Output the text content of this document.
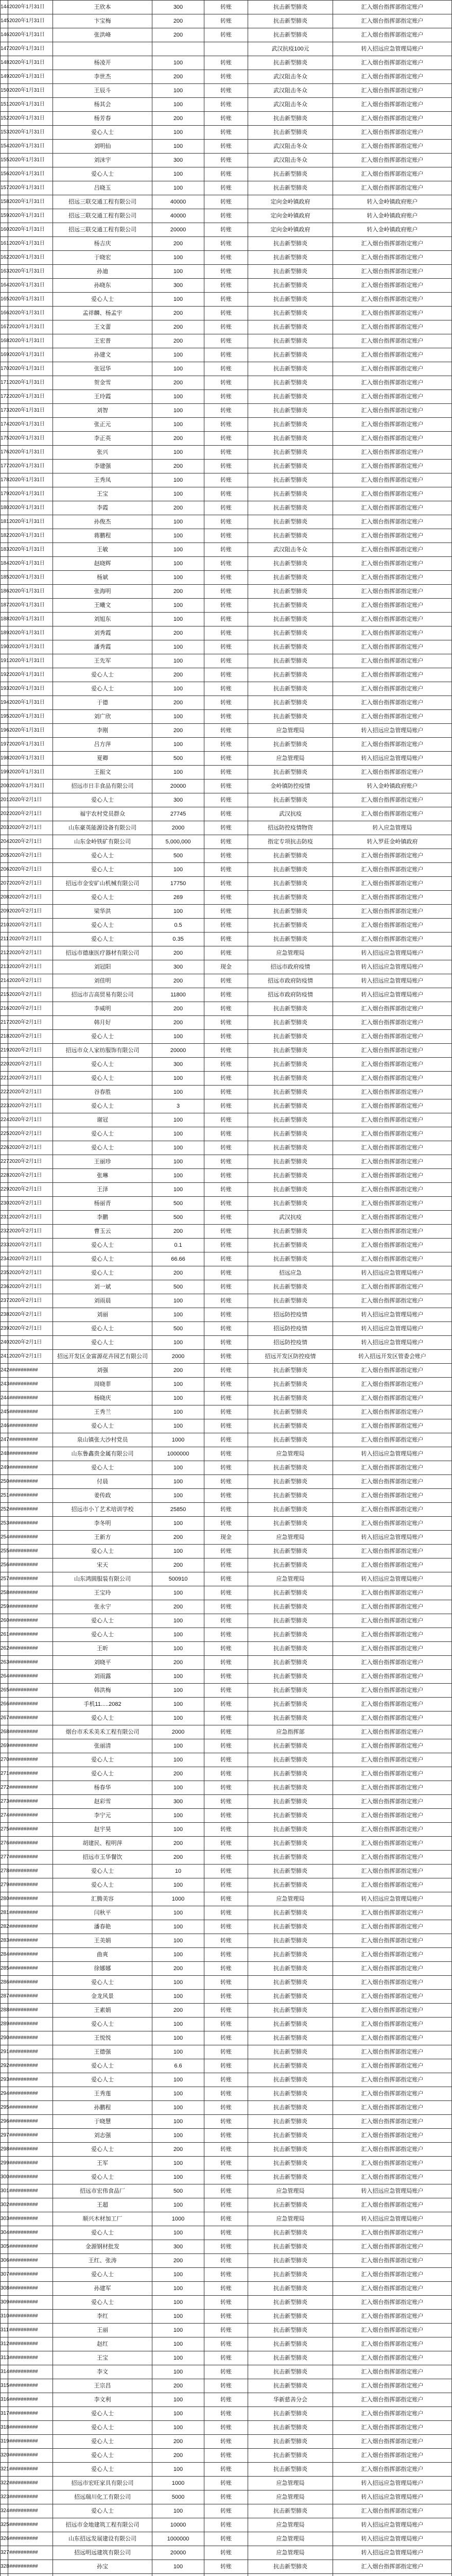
144	2020年1月31日	王欣本	300	转账	抗击新型肺炎	汇入烟台指挥部指定账户
145	2020年1月31日	卞宝梅	200	转账	抗击新型肺炎	汇入烟台指挥部指定账户
146	2020年1月31日	张洪峰	200	转账	抗击新型肺炎	汇入烟台指挥部指定账户
147	2020年1月31日				武汉抗疫100元	转入招远应急管理局账户
148	2020年1月31日	杨凌开	100	转账	抗击新型肺炎	汇入烟台指挥部指定账户
149	2020年1月31日	李世杰	200	转账	武汉阻击冬众	汇入烟台指挥部指定账户
150	2020年1月31日	王辰斗	100	转账	武汉阻击冬众	汇入烟台指挥部指定账户
151	2020年1月31日	杨其会	100	转账	武汉阻击冬众	汇入烟台指挥部指定账户
152	2020年1月31日	杨芳春	200	转账	抗击新型肺炎	汇入烟台指挥部指定账户
153	2020年1月31日	爱心人士	100	转账	抗击新型肺炎	汇入烟台指挥部指定账户
154	2020年1月31日	刘明仙	100	转账	武汉阻击冬众	汇入烟台指挥部指定账户
155	2020年1月31日	刘沫宇	300	转账	武汉阻击冬众	汇入烟台指挥部指定账户
156	2020年1月31日	爱心人士	100	转账	抗击新型肺炎	汇入烟台指挥部指定账户
157	2020年1月31日	吕晓玉	100	转账	抗击新型肺炎	汇入烟台指挥部指定账户
158	2020年1月31日	招远三联交通工程有限公司	40000	转账	定向金岭镇政府	转入金岭镇政府账户
159	2020年1月31日	招远三联交通工程有限公司	40000	转账	定向金岭镇政府	转入金岭镇政府账户
160	2020年1月31日	招远三联交通工程有限公司	20000	转账	定向金岭镇政府	转入金岭镇政府账户
161	2020年1月31日	杨吉庆	200	转账	抗击新型肺炎	汇入烟台指挥部指定账户
162	2020年1月31日	于晓宏	100	转账	抗击新型肺炎	汇入烟台指挥部指定账户
163	2020年1月31日	孙迪	100	转账	抗击新型肺炎	汇入烟台指挥部指定账户
164	2020年1月31日	孙晓东	300	转账	抗击新型肺炎	汇入烟台指挥部指定账户
165	2020年1月31日	爱心人士	100	转账	抗击新型肺炎	汇入烟台指挥部指定账户
166	2020年1月31日	孟祥麟、杨孟宇	200	转账	抗击新型肺炎	汇入烟台指挥部指定账户
167	2020年1月31日	王文蕾	200	转账	抗击新型肺炎	汇入烟台指挥部指定账户
168	2020年1月31日	王宏普	200	转账	抗击新型肺炎	汇入烟台指挥部指定账户
169	2020年1月31日	孙建文	100	转账	抗击新型肺炎	汇入烟台指挥部指定账户
170	2020年1月31日	张冠华	100	转账	抗击新型肺炎	汇入烟台指挥部指定账户
171	2020年1月31日	贺金雪	200	转账	抗击新型肺炎	汇入烟台指挥部指定账户
172	2020年1月31日	王玲霞	100	转账	抗击新型肺炎	汇入烟台指挥部指定账户
173	2020年1月31日	刘智	100	转账	抗击新型肺炎	汇入烟台指挥部指定账户
174	2020年1月31日	张正元	100	转账	抗击新型肺炎	汇入烟台指挥部指定账户
175	2020年1月31日	李正英	200	转账	抗击新型肺炎	汇入烟台指挥部指定账户
176	2020年1月31日	张兴	100	转账	抗击新型肺炎	汇入烟台指挥部指定账户
177	2020年1月31日	李建强	200	转账	抗击新型肺炎	汇入烟台指挥部指定账户
178	2020年1月31日	王秀凤	100	转账	抗击新型肺炎	汇入烟台指挥部指定账户
179	2020年1月31日	王宝	100	转账	抗击新型肺炎	汇入烟台指挥部指定账户
180	2020年1月31日	李霞	200	转账	抗击新型肺炎	汇入烟台指挥部指定账户
181	2020年1月31日	孙俊杰	100	转账	抗击新型肺炎	汇入烟台指挥部指定账户
182	2020年1月31日	蒋鹏程	100	转账	抗击新型肺炎	汇入烟台指挥部指定账户
183	2020年1月31日	王敏	100	转账	武汉阻击冬众	汇入烟台指挥部指定账户
184	2020年1月31日	赵晓辉	100	转账	抗击新型肺炎	汇入烟台指挥部指定账户
185	2020年1月31日	杨斌	100	转账	抗击新型肺炎	汇入烟台指挥部指定账户
186	2020年1月31日	张海明	200	转账	抗击新型肺炎	汇入烟台指挥部指定账户
187	2020年1月31日	王曦文	100	转账	抗击新型肺炎	汇入烟台指挥部指定账户
188	2020年1月31日	刘旭东	100	转账	抗击新型肺炎	汇入烟台指挥部指定账户
189	2020年1月31日	刘秀霞	200	转账	抗击新型肺炎	汇入烟台指挥部指定账户
190	2020年1月31日	潘秀霞	100	转账	抗击新型肺炎	汇入烟台指挥部指定账户
191	2020年1月31日	王先军	100	转账	抗击新型肺炎	汇入烟台指挥部指定账户
192	2020年1月31日	爱心人士	200	转账	抗击新型肺炎	汇入烟台指挥部指定账户
193	2020年1月31日	爱心人士	100	转账	抗击新型肺炎	汇入烟台指挥部指定账户
194	2020年1月31日	于德	200	转账	抗击新型肺炎	汇入烟台指挥部指定账户
195	2020年1月31日	刘广欣	100	转账	抗击新型肺炎	汇入烟台指挥部指定账户
196	2020年1月31日	李刚	200	转账	应急管理局	转入招远应急管理局账户
197	2020年1月31日	吕方萍	100	转账	抗击新型肺炎	汇入烟台指挥部指定账户
198	2020年1月31日	夏卿	500	转账	应急管理局	转入招远应急管理局账户
199	2020年1月31日	王振文	100	转账	抗击新型肺炎	汇入烟台指挥部指定账户
200	2020年1月31日	招远市日丰食品有限公司	20000	转账	金岭镇防控疫情	转入金岭镇政府账户
201	2020年2月1日	爱心人士	300	转账	抗击新型肺炎	汇入烟台指挥部指定账户
202	2020年2月1日	福宇农村党员群众	27745	转账	武汉抗疫	汇入烟台指挥部指定账户
203	2020年2月1日	山东豪英能源设备有限公司	2000	转账	招远防控疫情物资	转入应急管理局
204	2020年2月1日	山东金岭铁矿有限公司	5,000,000	转账	指定专项抗击防疫	转入罗莊金岭镇政府
205	2020年2月1日	爱心人士	500	转账	抗击新型肺炎	汇入烟台指挥部指定账户
206	2020年2月1日	爱心人士	100	转账	抗击新型肺炎	汇入烟台指挥部指定账户
207	2020年2月1日	招远市金安矿山机械有限公司	17750	转账	抗击新型肺炎	汇入烟台指挥部指定账户
208	2020年2月1日	爱心人士	269	转账	抗击新型肺炎	汇入烟台指挥部指定账户
209	2020年2月1日	梁华洪	100	转账	抗击新型肺炎	汇入烟台指挥部指定账户
210	2020年2月1日	爱心人士	0.5	转账	抗击新型肺炎	汇入烟台指挥部指定账户
211	2020年2月1日	爱心人士	0.35	转账	抗击新型肺炎	汇入烟台指挥部指定账户
212	2020年2月1日	招远市德康医疗器材有限公司	200	转账	应急管理局	转入招远应急管理局账户
213	2020年2月1日	刘冠阳	300	现金	招远市政府疫情	转入招远应急管理局账户
214	2020年2月1日	刘佳明	200	转账	招远市政府防疫情	转入招远应急管理局账户
215	2020年2月1日	招远市吉高贸易有限公司	11800	转账	招远市政府防疫情	转入招远应急管理局账户
216	2020年2月1日	李威明	200	转账	抗击新型肺炎	汇入烟台指挥部指定账户
217	2020年2月1日	韩月好	200	转账	抗击新型肺炎	汇入烟台指挥部指定账户
218	2020年2月1日	爱心人士	100	转账	抗击新型肺炎	汇入烟台指挥部指定账户
219	2020年2月1日	招远市众人家纺服饰有限公司	20000	转账	抗击新型肺炎	汇入烟台指挥部指定账户
220	2020年2月1日	爱心人士	300	转账	抗击新型肺炎	汇入烟台指挥部指定账户
221	2020年2月1日	爱心人士	100	转账	抗击新型肺炎	汇入烟台指挥部指定账户
222	2020年2月1日	谷春胜	100	转账	抗击新型肺炎	汇入烟台指挥部指定账户
223	2020年2月1日	爱心人士	3	转账	抗击新型肺炎	汇入烟台指挥部指定账户
224	2020年2月1日	谢冠	100	转账	抗击新型肺炎	汇入烟台指挥部指定账户
225	2020年2月1日	爱心人士	100	转账	抗击新型肺炎	汇入烟台指挥部指定账户
226	2020年2月1日	爱心人士	100	转账	抗击新型肺炎	汇入烟台指挥部指定账户
227	2020年2月1日	王丽珍	100	转账	抗击新型肺炎	汇入烟台指挥部指定账户
228	2020年2月1日	张琳	100	转账	抗击新型肺炎	汇入烟台指挥部指定账户
229	2020年2月1日	王泽	100	转账	抗击新型肺炎	汇入烟台指挥部指定账户
230	2020年2月1日	杨丽青	500	转账	抗击新型肺炎	汇入烟台指挥部指定账户
231	2020年2月1日	李鹏	500	转账	武汉抗疫	汇入烟台指挥部指定账户
232	2020年2月1日	曹玉云	200	转账	抗击新型肺炎	汇入烟台指挥部指定账户
233	2020年2月1日	爱心人士	0.1	转账	抗击新型肺炎	汇入烟台指挥部指定账户
234	2020年2月1日	爱心人士	66.66	转账	抗击新型肺炎	汇入烟台指挥部指定账户
235	2020年2月1日	爱心人士	200	转账	招远应急	转入招远应急管理局账户
236	2020年2月1日	刘一斌	500	转账	抗击新型肺炎	汇入烟台指挥部指定账户
237	2020年2月1日	刘雨晨	100	转账	抗击新型肺炎	汇入烟台指挥部指定账户
238	2020年2月1日	刘丽	100	转账	招远防控疫情	转入招远应急管理局账户
239	2020年2月1日	爱心人士	500	转账	招远防控疫情	转入招远应急管理局账户
240	2020年2月1日	爱心人士	100	转账	招远防控疫情	转入招远应急管理局账户
241	2020年2月1日	招远开发区金富源花卉园艺有限公司	2000	转账	招远开发区防控疫情	转入招远开发区管委会账户
242	##########	刘强	200	转账	抗击新型肺炎	汇入烟台指挥部指定账户
243	##########	周晓菲	100	转账	抗击新型肺炎	汇入烟台指挥部指定账户
244	##########	杨晓庆	100	转账	抗击新型肺炎	汇入烟台指挥部指定账户
245	##########	王秀兰	100	转账	抗击新型肺炎	汇入烟台指挥部指定账户
246	##########	爱心人士	100	转账	抗击新型肺炎	汇入烟台指挥部指定账户
247	##########	泉山镇张大沙村党员	1000	转账	抗击新型肺炎	汇入烟台指挥部指定账户
248	##########	山东鲁鑫贵金属有限公司	1000000	转账	应急管理局	转入招远应急管理局账户
249	##########	爱心人士	100	转账	抗击新型肺炎	汇入烟台指挥部指定账户
250	##########	付晨	100	转账	抗击新型肺炎	汇入烟台指挥部指定账户
251	##########	姜传政	100	转账	抗击新型肺炎	汇入烟台指挥部指定账户
252	##########	招远市小丫艺术培训学校	25850	转账	抗击新型肺炎	汇入烟台指挥部指定账户
253	##########	李冬明	100	转账	抗击新型肺炎	汇入烟台指挥部指定账户
254	##########	王新方	200	现金	应急管理局	转入招远应急管理局账户
255	##########	爱心人士	100	转账	抗击新型肺炎	汇入烟台指挥部指定账户
256	##########	宋天	200	转账	抗击新型肺炎	汇入烟台指挥部指定账户
257	##########	山东鸿圆服装有限公司	500910	转账	应急管理局	转入招远应急管理局账户
258	##########	王宝玲	100	转账	抗击新型肺炎	汇入烟台指挥部指定账户
259	##########	张永宁	200	转账	抗击新型肺炎	汇入烟台指挥部指定账户
260	##########	爱心人士	100	转账	抗击新型肺炎	汇入烟台指挥部指定账户
261	##########	爱心人士	100	转账	抗击新型肺炎	汇入烟台指挥部指定账户
262	##########	王昕	100	转账	抗击新型肺炎	汇入烟台指挥部指定账户
263	##########	刘晓平	200	转账	抗击新型肺炎	汇入烟台指挥部指定账户
264	##########	刘雨露	100	转账	抗击新型肺炎	汇入烟台指挥部指定账户
265	##########	韩洪梅	100	转账	抗击新型肺炎	汇入烟台指挥部指定账户
266	##########	手机11.....2082	100	转账	抗击新型肺炎	汇入烟台指挥部指定账户
267	##########	爱心人士	100	转账	抗击新型肺炎	汇入烟台指挥部指定账户
268	##########	烟台市禾禾美禾工程有限公司	2000	转账	应急指挥部	汇入烟台指挥部指定账户
269	##########	张丽清	100	转账	抗击新型肺炎	汇入烟台指挥部指定账户
270	##########	爱心人士	100	转账	抗击新型肺炎	汇入烟台指挥部指定账户
271	##########	爱心人士	200	转账	抗击新型肺炎	汇入烟台指挥部指定账户
272	##########	杨春华	100	转账	抗击新型肺炎	汇入烟台指挥部指定账户
273	##########	赵彩雪	300	转账	抗击新型肺炎	汇入烟台指挥部指定账户
274	##########	李宁元	100	转账	抗击新型肺炎	汇入烟台指挥部指定账户
275	##########	赵宇昊	100	转账	抗击新型肺炎	汇入烟台指挥部指定账户
276	##########	胡建民、程明萍	200	转账	抗击新型肺炎	汇入烟台指挥部指定账户
277	##########	招远市玉华餐饮	200	转账	抗击新型肺炎	汇入烟台指挥部指定账户
278	##########	爱心人士	10	转账	抗击新型肺炎	汇入烟台指挥部指定账户
279	##########	爱心人士	100	转账	抗击新型肺炎	汇入烟台指挥部指定账户
280	##########	汇腾美容	1000	转账	应急管理局	转入招远应急管理局账户
281	##########	闫秋平	100	转账	抗击新型肺炎	汇入烟台指挥部指定账户
282	##########	潘春艳	100	转账	抗击新型肺炎	汇入烟台指挥部指定账户
283	##########	王美娟	100	转账	抗击新型肺炎	汇入烟台指挥部指定账户
284	##########	曲爽	100	转账	抗击新型肺炎	汇入烟台指挥部指定账户
285	##########	徐娜娜	200	转账	抗击新型肺炎	汇入烟台指挥部指定账户
286	##########	爱心人士	100	转账	抗击新型肺炎	汇入烟台指挥部指定账户
287	##########	金龙风景	100	转账	抗击新型肺炎	汇入烟台指挥部指定账户
288	##########	王素娟	200	转账	抗击新型肺炎	汇入烟台指挥部指定账户
289	##########	爱心人士	100	转账	抗击新型肺炎	汇入烟台指挥部指定账户
290	##########	王悦悦	100	转账	抗击新型肺炎	汇入烟台指挥部指定账户
291	##########	王德强	100	转账	抗击新型肺炎	汇入烟台指挥部指定账户
292	##########	爱心人士	6.6	转账	抗击新型肺炎	汇入烟台指挥部指定账户
293	##########	爱心人士	100	转账	抗击新型肺炎	汇入烟台指挥部指定账户
294	##########	王秀莲	100	转账	抗击新型肺炎	汇入烟台指挥部指定账户
295	##########	孙鹏程	100	转账	抗击新型肺炎	汇入烟台指挥部指定账户
296	##########	于晓慧	100	转账	抗击新型肺炎	汇入烟台指挥部指定账户
297	##########	刘志强	100	转账	抗击新型肺炎	汇入烟台指挥部指定账户
298	##########	爱心人士	200	转账	抗击新型肺炎	汇入烟台指挥部指定账户
299	##########	王军	100	转账	抗击新型肺炎	汇入烟台指挥部指定账户
300	##########	爱心人士	100	转账	抗击新型肺炎	汇入烟台指挥部指定账户
301	##########	招远市宏伟食品厂	500	转账	应急管理局	转入招远应急管理局账户
302	##########	王超	100	转账	抗击新型肺炎	汇入烟台指挥部指定账户
303	##########	顺兴木材加工厂	1000	转账	应急管理局	转入招远应急管理局账户
304	##########	爱心人士	100	转账	抗击新型肺炎	汇入烟台指挥部指定账户
305	##########	金源钢材批发	300	转账	抗击新型肺炎	汇入烟台指挥部指定账户
306	##########	王红、张涛	200	转账	抗击新型肺炎	汇入烟台指挥部指定账户
307	##########	爱心人士	100	转账	抗击新型肺炎	汇入烟台指挥部指定账户
308	##########	孙建军	100	转账	抗击新型肺炎	汇入烟台指挥部指定账户
309	##########	爱心人士	100	转账	抗击新型肺炎	汇入烟台指挥部指定账户
310	##########	李红	100	转账	抗击新型肺炎	汇入烟台指挥部指定账户
311	##########	王丽	100	转账	抗击新型肺炎	汇入烟台指挥部指定账户
312	##########	赵红	100	转账	抗击新型肺炎	汇入烟台指挥部指定账户
313	##########	王宝	100	转账	抗击新型肺炎	汇入烟台指挥部指定账户
314	##########	李文	100	转账	抗击新型肺炎	汇入烟台指挥部指定账户
315	##########	王宗昌	200	转账	抗击新型肺炎	汇入烟台指挥部指定账户
316	##########	李文利	100	转账	华新慈善分会	汇入烟台指挥部指定账户
317	##########	爱心人士	100	转账	抗击新型肺炎	汇入烟台指挥部指定账户
318	##########	爱心人士	100	转账	抗击新型肺炎	汇入烟台指挥部指定账户
319	##########	爱心人士	200	转账	抗击新型肺炎	汇入烟台指挥部指定账户
320	##########	爱心人士	200	转账	抗击新型肺炎	汇入烟台指挥部指定账户
321	##########	爱心人士	100	转账	抗击新型肺炎	汇入烟台指挥部指定账户
322	##########	招远市宏旺家具有限公司	1000	转账	应急管理局	转入招远应急管理局账户
323	##########	招远瑞川化工有限公司	5000	转账	应急管理局	转入招远应急管理局账户
324	##########	爱心人士	100	转账	抗击新型肺炎	汇入烟台指挥部指定账户
325	##########	招远市金地建筑工程有限公司	10000	转账	应急管理局	转入招远应急管理局账户
326	##########	山东招远发展建设有限公司	1000000	转账	应急管理局	转入招远应急管理局账户
327	##########	招远明远建筑有限公司	20000	转账	应急管理局	转入招远应急管理局账户
328	##########	孙宝	100	转账	抗击新型肺炎	汇入烟台指挥部指定账户
